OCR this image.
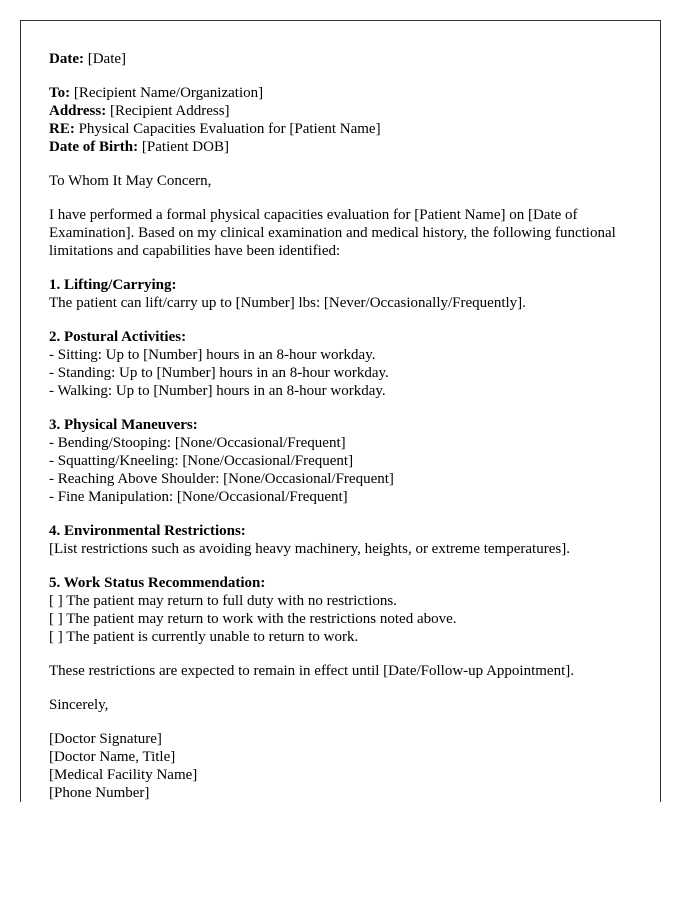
Date: [Date]

To: [Recipient Name/Organization]
Address: [Recipient Address]
RE: Physical Capacities Evaluation for [Patient Name]
Date of Birth: [Patient DOB]

To Whom It May Concern,

I have performed a formal physical capacities evaluation for [Patient Name] on [Date of Examination]. Based on my clinical examination and medical history, the following functional limitations and capabilities have been identified:

1. Lifting/Carrying:
The patient can lift/carry up to [Number] lbs: [Never/Occasionally/Frequently].

2. Postural Activities:
- Sitting: Up to [Number] hours in an 8-hour workday.
- Standing: Up to [Number] hours in an 8-hour workday.
- Walking: Up to [Number] hours in an 8-hour workday.

3. Physical Maneuvers:
- Bending/Stooping: [None/Occasional/Frequent]
- Squatting/Kneeling: [None/Occasional/Frequent]
- Reaching Above Shoulder: [None/Occasional/Frequent]
- Fine Manipulation: [None/Occasional/Frequent]

4. Environmental Restrictions:
[List restrictions such as avoiding heavy machinery, heights, or extreme temperatures].

5. Work Status Recommendation:
[ ] The patient may return to full duty with no restrictions.
[ ] The patient may return to work with the restrictions noted above.
[ ] The patient is currently unable to return to work.

These restrictions are expected to remain in effect until [Date/Follow-up Appointment].

Sincerely,

[Doctor Signature]
[Doctor Name, Title]
[Medical Facility Name]
[Phone Number]
